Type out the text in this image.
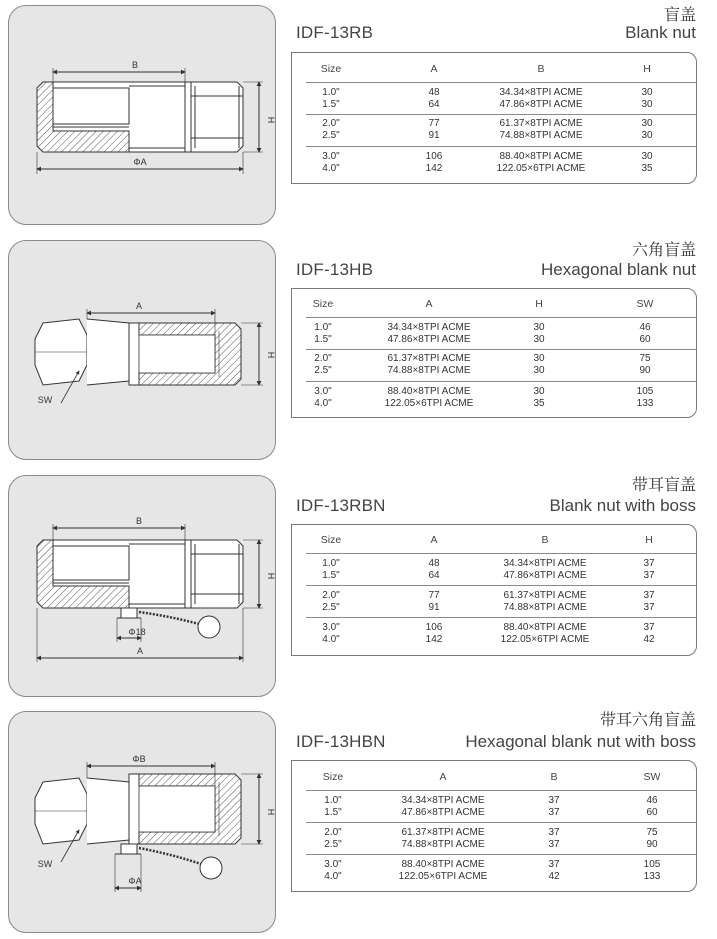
B
H
ΦA
盲盖
IDF-13RB	Blank nut
Size	A	B	H
1.0"	48	34.34×8TPI ACME	30
1.5"	64	47.86×8TPI ACME	30
2.0"	77	61.37×8TPI ACME	30
2.5"	91	74.88×8TPI ACME	30
3.0"	106	88.40×8TPI ACME	30
4.0"	142	122.05×6TPI ACME	35
A
H
SW
六角盲盖
IDF-13HB	Hexagonal blank nut
Size	A	H	SW
1.0"	34.34×8TPI ACME	30	46
1.5"	47.86×8TPI ACME	30	60
2.0"	61.37×8TPI ACME	30	75
2.5"	74.88×8TPI ACME	30	90
3.0"	88.40×8TPI ACME	30	105
4.0"	122.05×6TPI ACME	35	133
B
H
Φ18
A
带耳盲盖
IDF-13RBN	Blank nut with boss
Size	A	B	H
1.0"	48	34.34×8TPI ACME	37
1.5"	64	47.86×8TPI ACME	37
2.0"	77	61.37×8TPI ACME	37
2.5"	91	74.88×8TPI ACME	37
3.0"	106	88.40×8TPI ACME	37
4.0"	142	122.05×6TPI ACME	42
ΦB
H
SW
ΦA
带耳六角盲盖
IDF-13HBN	Hexagonal blank nut with boss
Size	A	B	SW
1.0"	34.34×8TPI ACME	37	46
1.5"	47.86×8TPI ACME	37	60
2.0"	61.37×8TPI ACME	37	75
2.5"	74.88×8TPI ACME	37	90
3.0"	88.40×8TPI ACME	37	105
4.0"	122.05×6TPI ACME	42	133
